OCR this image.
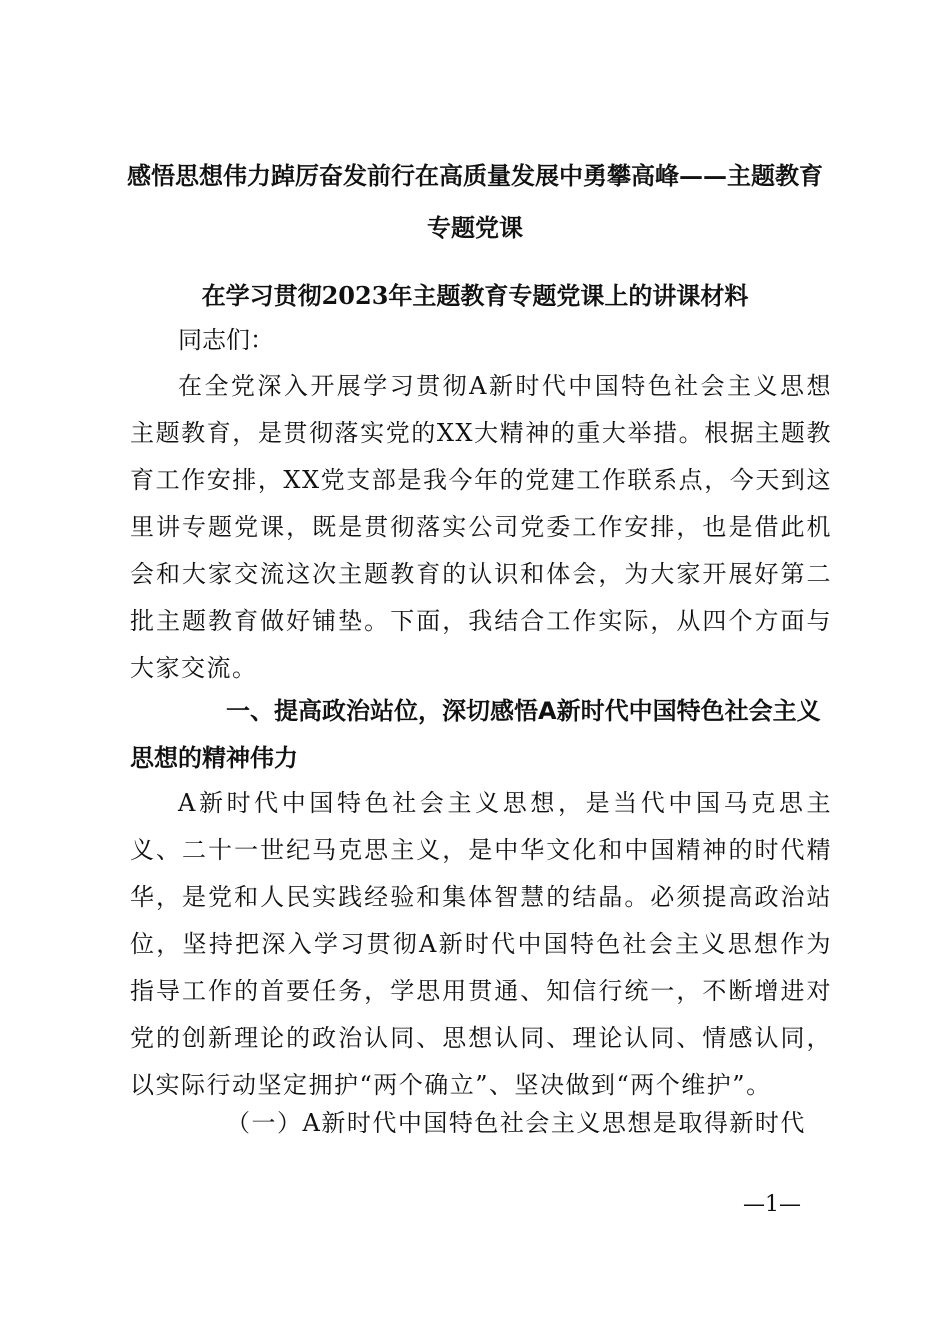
感悟思想伟力踔厉奋发前行在高质量发展中勇攀高峰——主题教育专题党课

在学习贯彻2023年主题教育专题党课上的讲课材料

同志们：

在全党深入开展学习贯彻A新时代中国特色社会主义思想主题教育，是贯彻落实党的XX大精神的重大举措。根据主题教育工作安排，XX党支部是我今年的党建工作联系点，今天到这里讲专题党课，既是贯彻落实公司党委工作安排，也是借此机会和大家交流这次主题教育的认识和体会，为大家开展好第二批主题教育做好铺垫。下面，我结合工作实际，从四个方面与大家交流。

一、提高政治站位，深切感悟A新时代中国特色社会主义思想的精神伟力

A新时代中国特色社会主义思想，是当代中国马克思主义、二十一世纪马克思主义，是中华文化和中国精神的时代精华，是党和人民实践经验和集体智慧的结晶。必须提高政治站位，坚持把深入学习贯彻A新时代中国特色社会主义思想作为指导工作的首要任务，学思用贯通、知信行统一，不断增进对党的创新理论的政治认同、思想认同、理论认同、情感认同，以实际行动坚定拥护“两个确立”、坚决做到“两个维护”。

（一）A新时代中国特色社会主义思想是取得新时代

—1—
